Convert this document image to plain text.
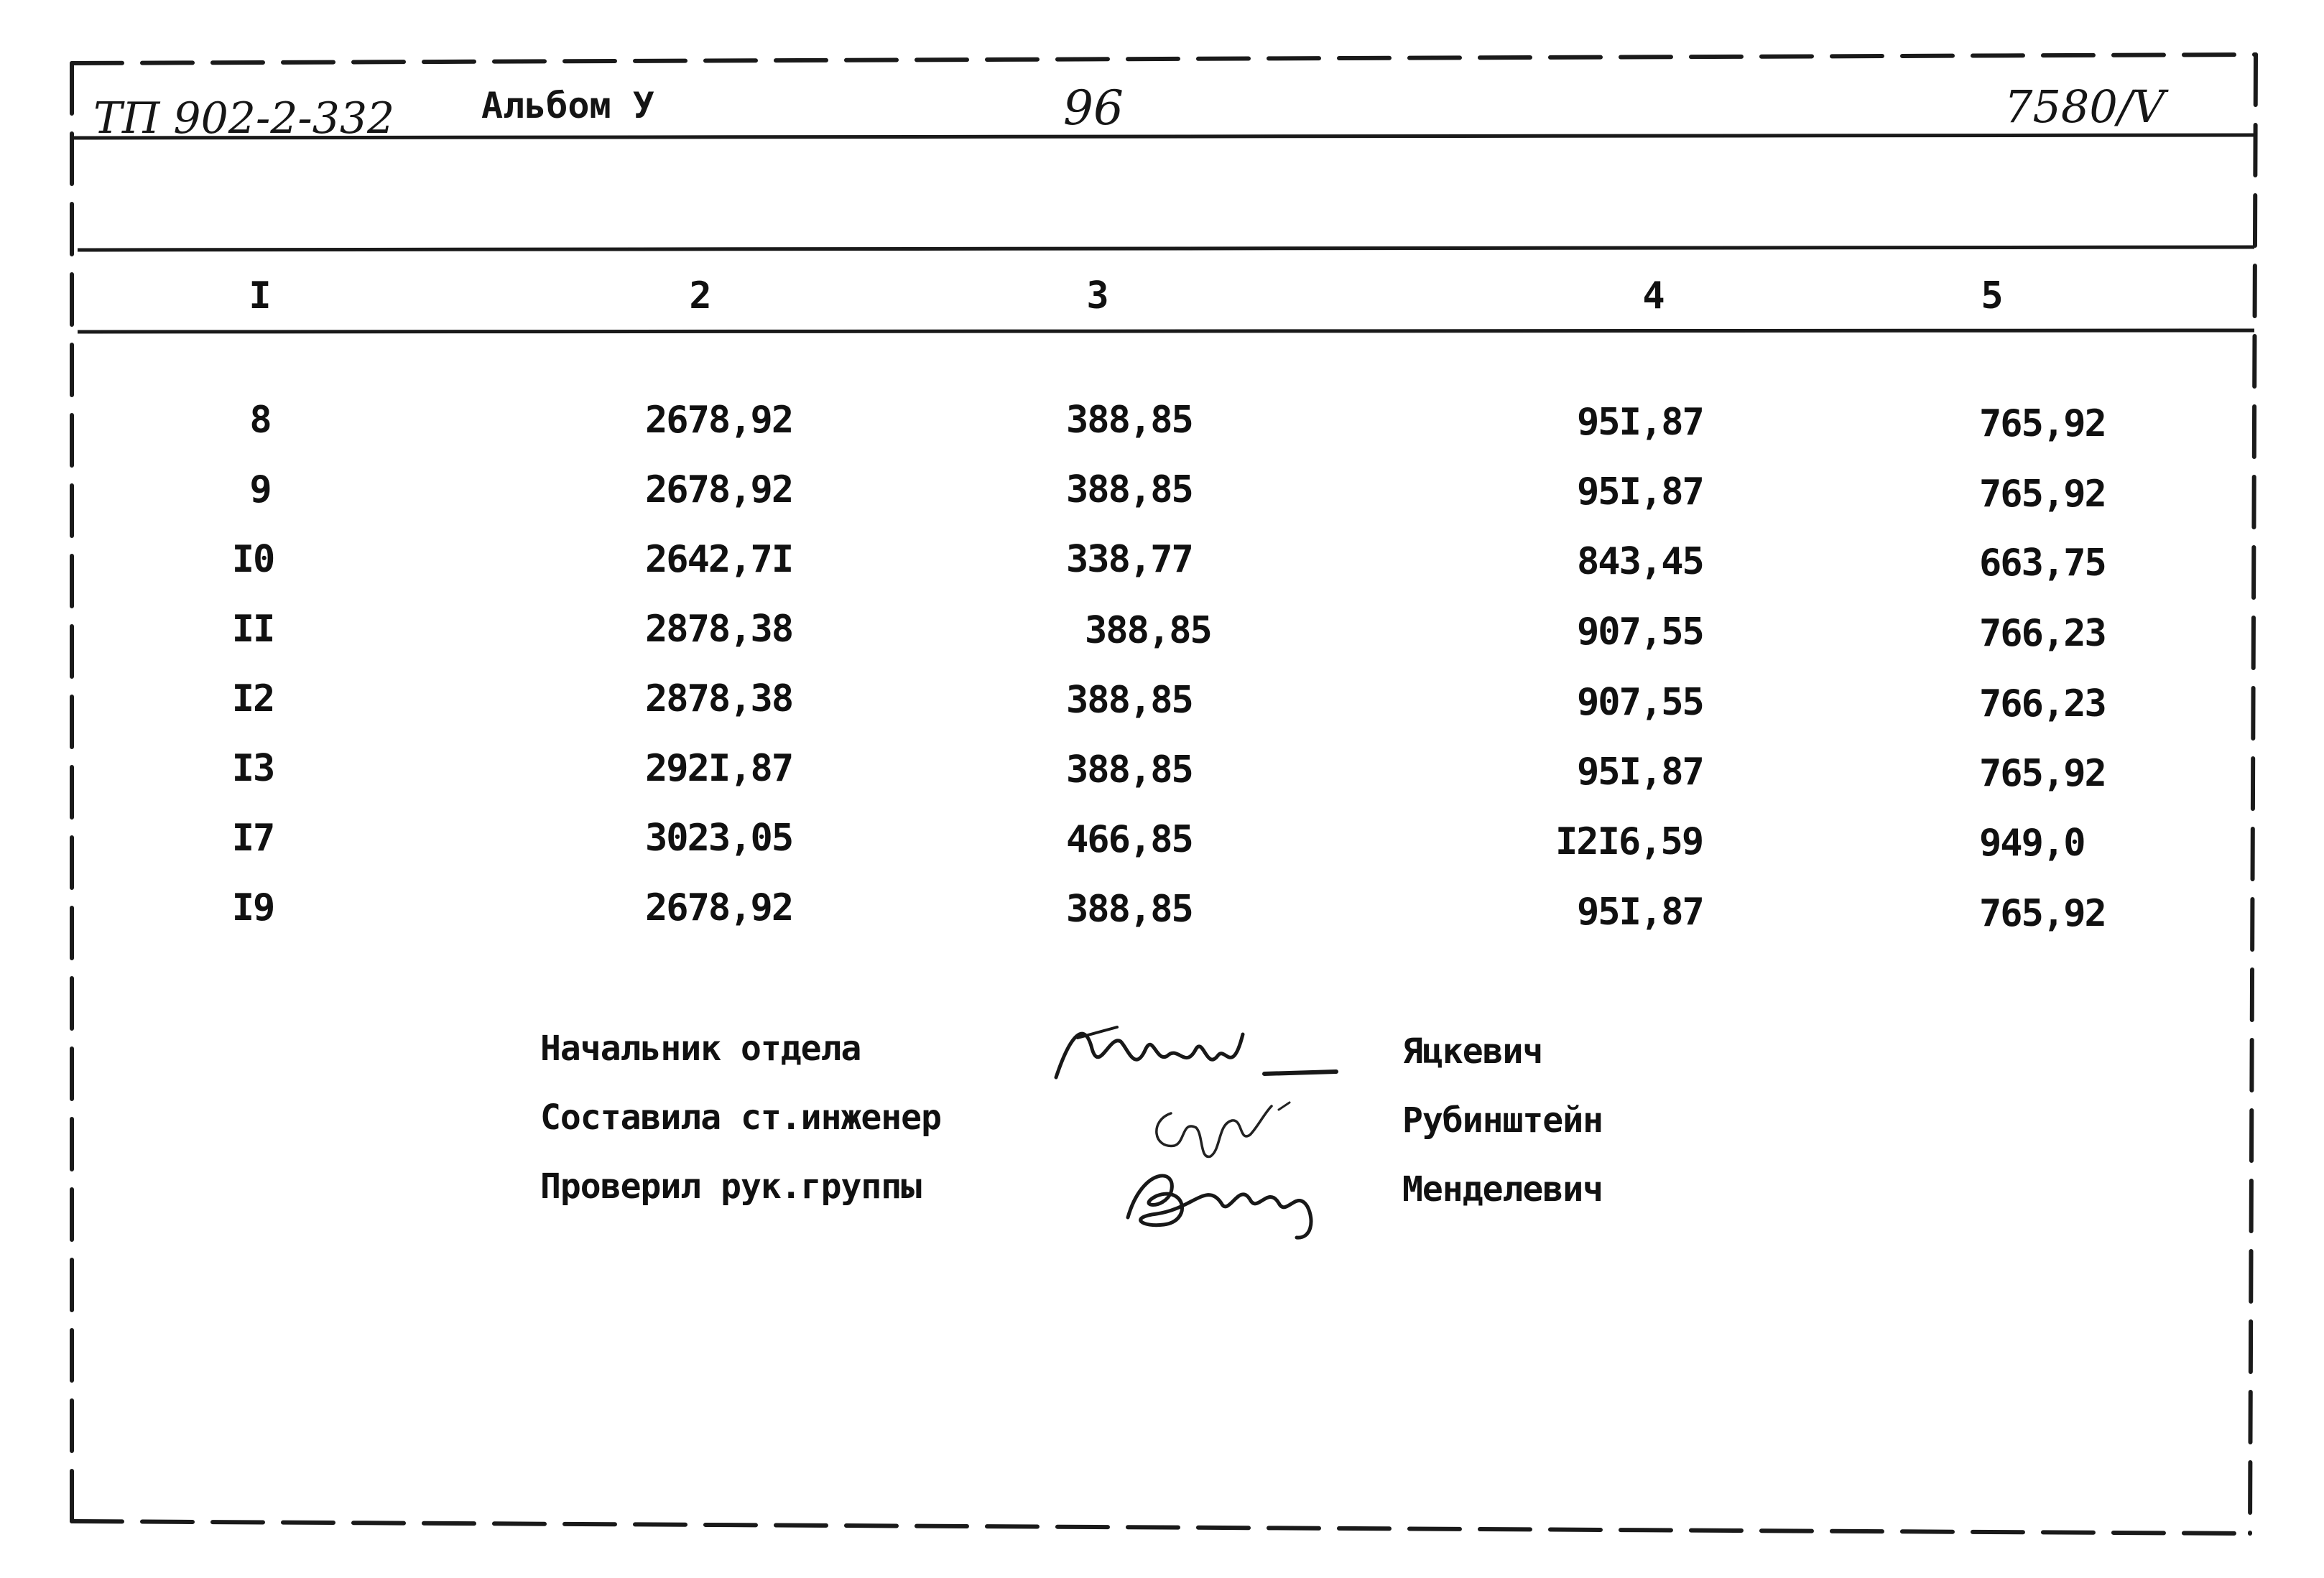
ТП 902-2-332 Альбом У	96	7580/V
I	2	3	4	5
8	2678,92	388,85	95I,87	765,92
9	2678,92	388,85	95I,87	765,92
I0	2642,7I	338,77	843,45	663,75
II	2878,38	388,85	907,55	766,23
I2	2878,38	388,85	907,55	766,23
I3	292I,87	388,85	95I,87	765,92
I7	3023,05	466,85	I2I6,59	949,0
I9	2678,92	388,85	95I,87	765,92
Начальник отдела
Составила ст.инженер
Проверил рук.группы
Яцкевич
Рубинштейн
Менделевич
